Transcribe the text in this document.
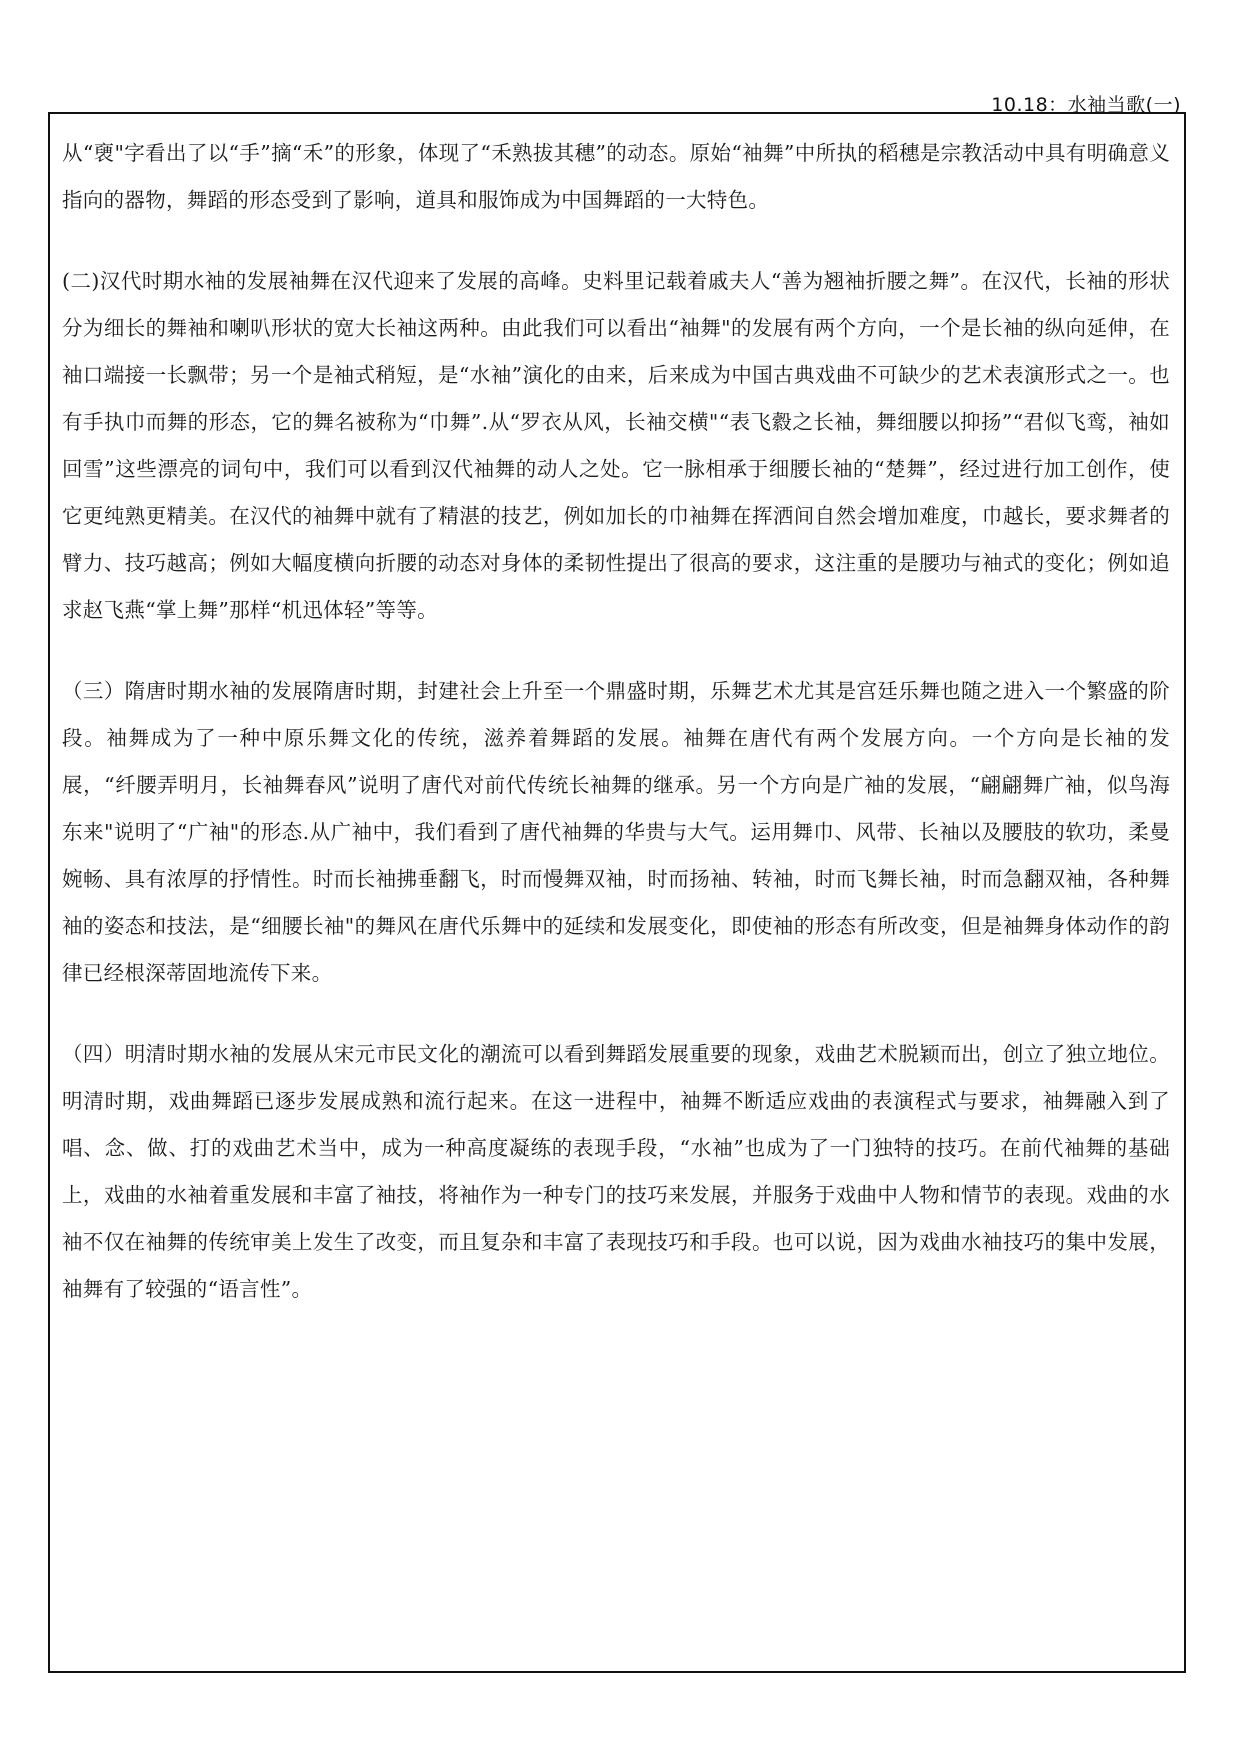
10.18：水袖当歌(一)

从“褏"字看出了以“手”摘“禾”的形象，体现了“禾熟拔其穗”的动态。原始“袖舞”中所执的稻穗是宗教活动中具有明确意义指向的器物，舞蹈的形态受到了影响，道具和服饰成为中国舞蹈的一大特色。

(二)汉代时期水袖的发展袖舞在汉代迎来了发展的高峰。史料里记载着戚夫人“善为翘袖折腰之舞”。在汉代，长袖的形状分为细长的舞袖和喇叭形状的宽大长袖这两种。由此我们可以看出“袖舞"的发展有两个方向，一个是长袖的纵向延伸，在袖口端接一长飘带；另一个是袖式稍短，是“水袖”演化的由来，后来成为中国古典戏曲不可缺少的艺术表演形式之一。也有手执巾而舞的形态，它的舞名被称为“巾舞”.从“罗衣从风，长袖交横"“表飞縠之长袖，舞细腰以抑扬”“君似飞鸾，袖如回雪”这些漂亮的词句中，我们可以看到汉代袖舞的动人之处。它一脉相承于细腰长袖的“楚舞”，经过进行加工创作，使它更纯熟更精美。在汉代的袖舞中就有了精湛的技艺，例如加长的巾袖舞在挥洒间自然会增加难度，巾越长，要求舞者的臂力、技巧越高；例如大幅度横向折腰的动态对身体的柔韧性提出了很高的要求，这注重的是腰功与袖式的变化；例如追求赵飞燕“掌上舞”那样“机迅体轻”等等。

（三）隋唐时期水袖的发展隋唐时期，封建社会上升至一个鼎盛时期，乐舞艺术尤其是宫廷乐舞也随之进入一个繁盛的阶段。袖舞成为了一种中原乐舞文化的传统，滋养着舞蹈的发展。袖舞在唐代有两个发展方向。一个方向是长袖的发展，“纤腰弄明月，长袖舞春风”说明了唐代对前代传统长袖舞的继承。另一个方向是广袖的发展，“翩翩舞广袖，似鸟海东来"说明了“广袖"的形态.从广袖中，我们看到了唐代袖舞的华贵与大气。运用舞巾、风带、长袖以及腰肢的软功，柔曼婉畅、具有浓厚的抒情性。时而长袖拂垂翻飞，时而慢舞双袖，时而扬袖、转袖，时而飞舞长袖，时而急翻双袖，各种舞袖的姿态和技法，是“细腰长袖"的舞风在唐代乐舞中的延续和发展变化，即使袖的形态有所改变，但是袖舞身体动作的韵律已经根深蒂固地流传下来。

（四）明清时期水袖的发展从宋元市民文化的潮流可以看到舞蹈发展重要的现象，戏曲艺术脱颖而出，创立了独立地位。明清时期，戏曲舞蹈已逐步发展成熟和流行起来。在这一进程中，袖舞不断适应戏曲的表演程式与要求，袖舞融入到了唱、念、做、打的戏曲艺术当中，成为一种高度凝练的表现手段，“水袖”也成为了一门独特的技巧。在前代袖舞的基础上，戏曲的水袖着重发展和丰富了袖技，将袖作为一种专门的技巧来发展，并服务于戏曲中人物和情节的表现。戏曲的水袖不仅在袖舞的传统审美上发生了改变，而且复杂和丰富了表现技巧和手段。也可以说，因为戏曲水袖技巧的集中发展，袖舞有了较强的“语言性”。
